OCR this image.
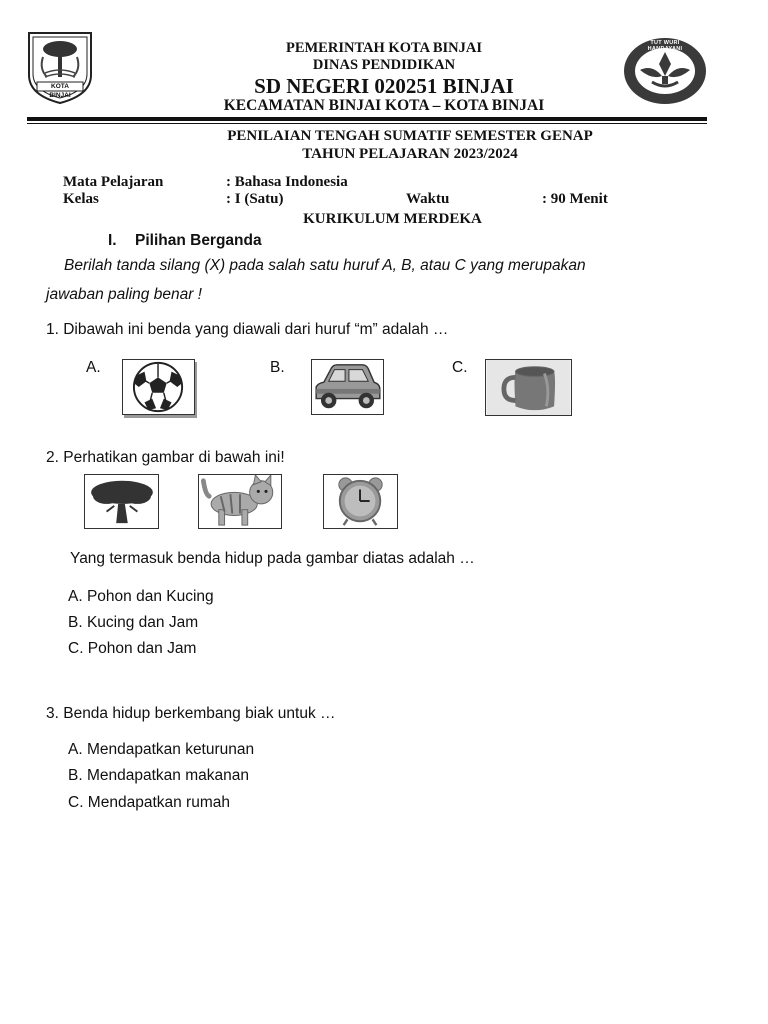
KOTA BINJAI
PEMERINTAH KOTA BINJAI
DINAS PENDIDIKAN
SD NEGERI 020251 BINJAI
KECAMATAN BINJAI KOTA – KOTA BINJAI
TUT WURI HANDAYANI
PENILAIAN TENGAH SUMATIF SEMESTER GENAP
TAHUN PELAJARAN 2023/2024
Mata Pelajaran	: Bahasa Indonesia
Kelas	: I (Satu)	Waktu	: 90 Menit
KURIKULUM MERDEKA
I. Pilihan Berganda
Berilah tanda silang (X) pada salah satu huruf A, B, atau C yang merupakan
jawaban paling benar !
1. Dibawah ini benda yang diawali dari huruf “m” adalah …
A.	B.	C.
2. Perhatikan gambar di bawah ini!
Yang termasuk benda hidup pada gambar diatas adalah …
A. Pohon dan Kucing
B. Kucing dan Jam
C. Pohon dan Jam
3. Benda hidup berkembang biak untuk …
A. Mendapatkan keturunan
B. Mendapatkan makanan
C. Mendapatkan rumah
